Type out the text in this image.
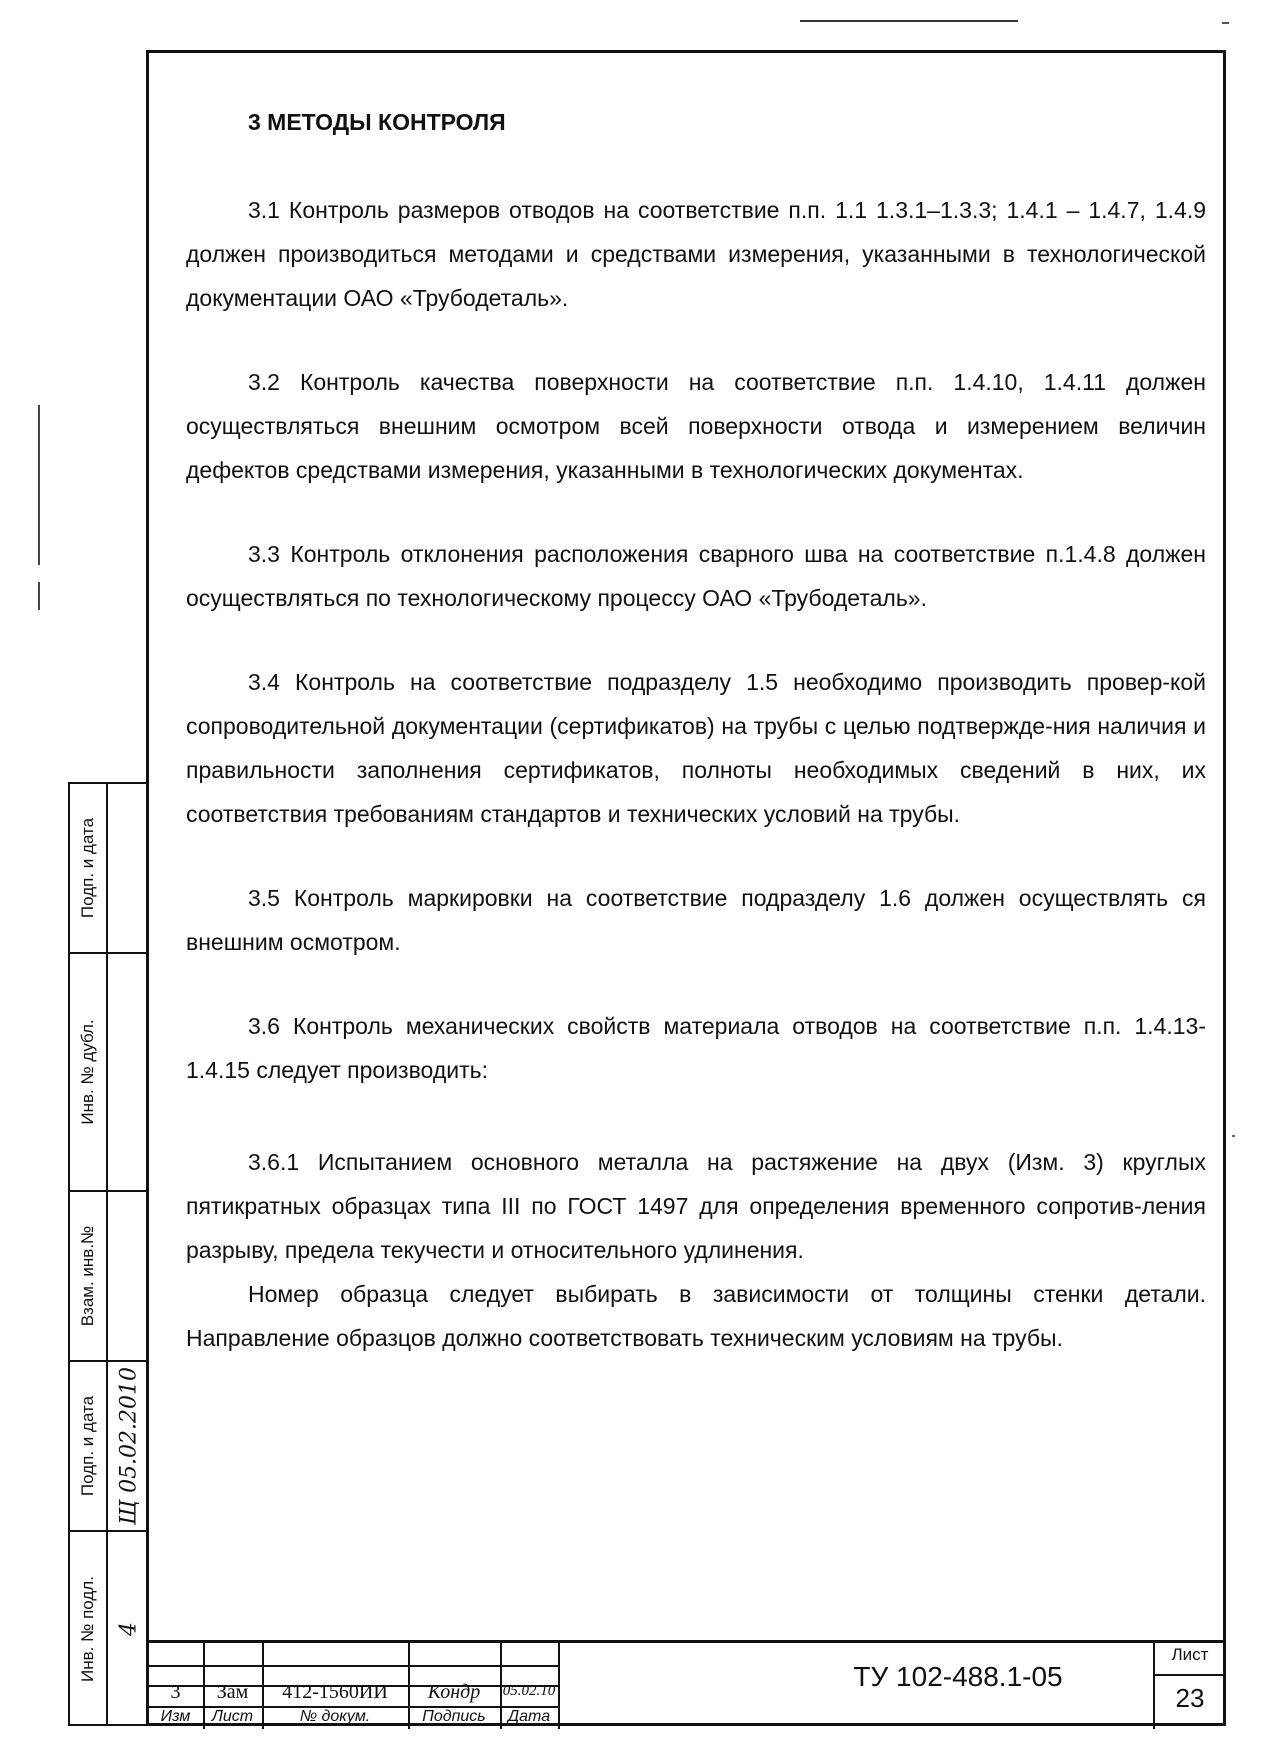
3 МЕТОДЫ КОНТРОЛЯ

3.1 Контроль размеров отводов на соответствие п.п. 1.1 1.3.1–1.3.3; 1.4.1 – 1.4.7, 1.4.9 должен производиться методами и средствами измерения, указанными в технологической документации ОАО «Трубодеталь».

3.2 Контроль качества поверхности на соответствие п.п. 1.4.10, 1.4.11 должен осуществляться внешним осмотром всей поверхности отвода и измерением величин дефектов средствами измерения, указанными в технологических документах.

3.3 Контроль отклонения расположения сварного шва на соответствие п.1.4.8 должен осуществляться по технологическому процессу ОАО «Трубодеталь».

3.4 Контроль на соответствие подразделу 1.5 необходимо производить провер-кой сопроводительной документации (сертификатов) на трубы с целью подтвержде-ния наличия и правильности заполнения сертификатов, полноты необходимых сведений в них, их соответствия требованиям стандартов и технических условий на трубы.

3.5 Контроль маркировки на соответствие подразделу 1.6 должен осуществлять ся внешним осмотром.

3.6 Контроль механических свойств материала отводов на соответствие п.п. 1.4.13-1.4.15 следует производить:

3.6.1 Испытанием основного металла на растяжение на двух (Изм. 3) круглых пятикратных образцах типа III по ГОСТ 1497 для определения временного сопротив-ления разрыву, предела текучести и относительного удлинения.

Номер образца следует выбирать в зависимости от толщины стенки детали. Направление образцов должно соответствовать техническим условиям на трубы.

Подп. и дата
Инв. № дубл.
Взам. инв.№
Подп. и дата Щ 05.02.2010
Инв. № подл. 4
3	Зам	412-1560ИИ	Кондр	05.02.10
Изм	Лист	№ докум.	Подпись	Дата
ТУ 102-488.1-05
Лист
23
